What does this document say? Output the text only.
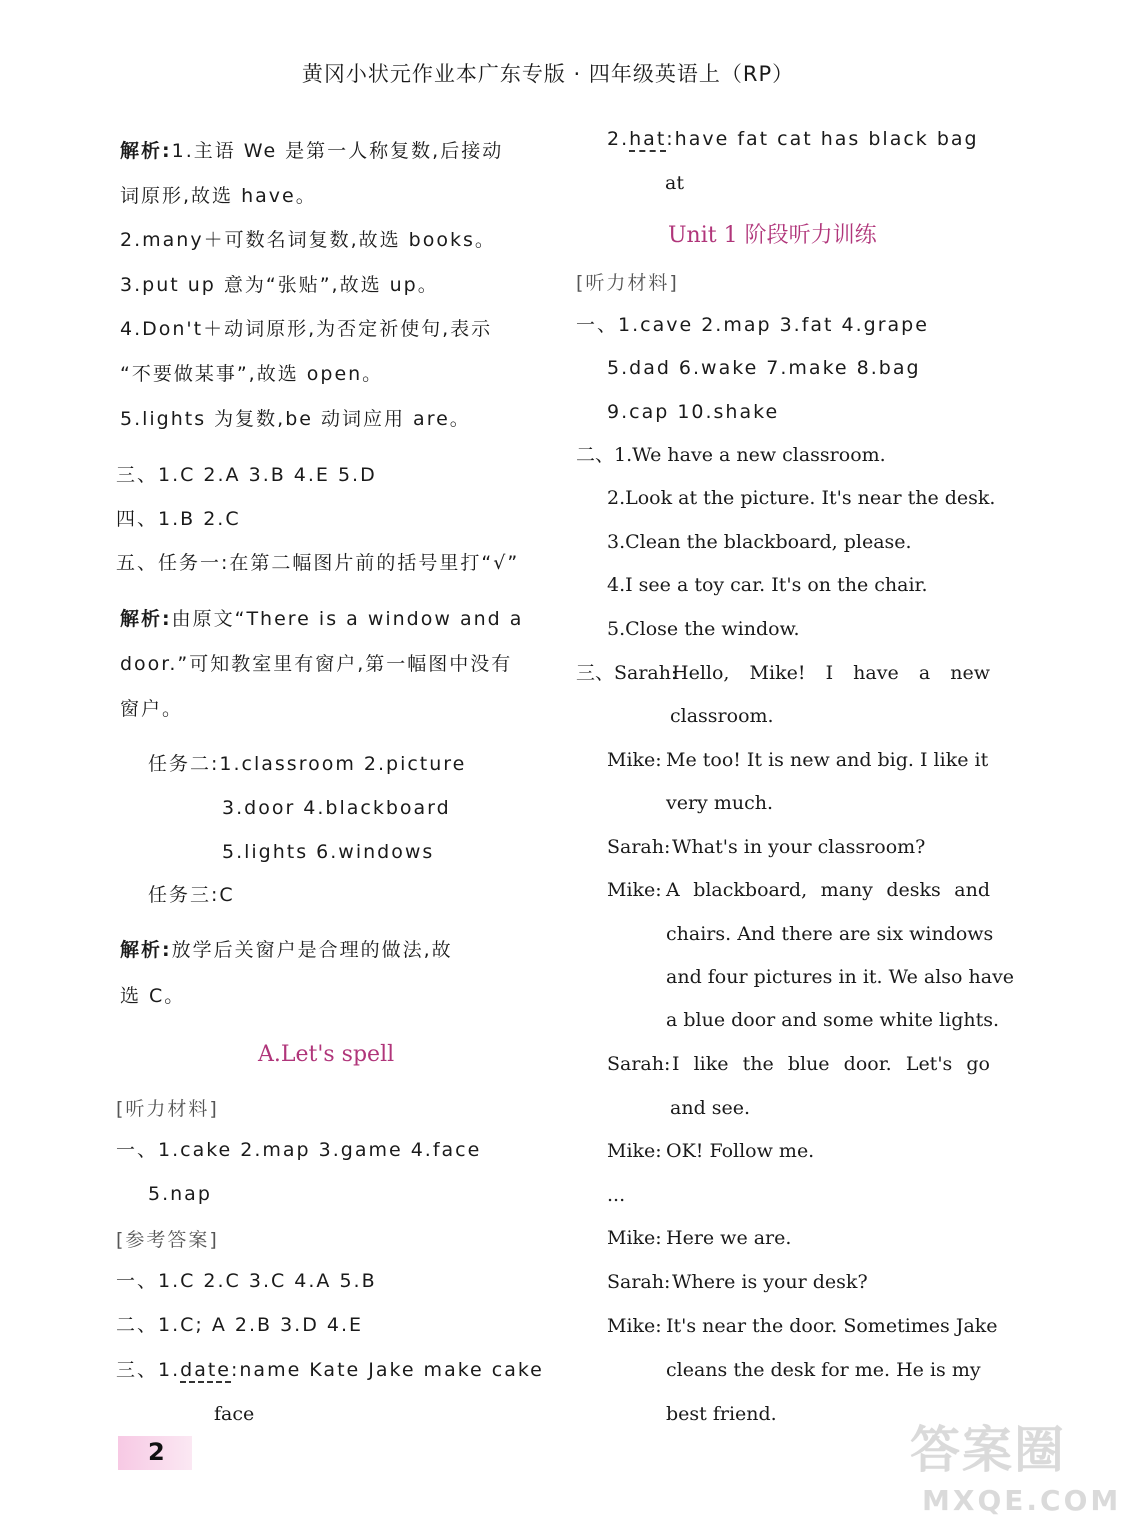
黄冈小状元作业本广东专版 · 四年级英语上（RP）
解析:1.主语 We 是第一人称复数,后接动
词原形,故选 have。
2.many＋可数名词复数,故选 books。
3.put up 意为“张贴”,故选 up。
4.Don't＋动词原形,为否定祈使句,表示
“不要做某事”,故选 open。
5.lights 为复数,be 动词应用 are。
三、1.C 2.A 3.B 4.E 5.D
四、1.B 2.C
五、任务一:在第二幅图片前的括号里打“√”
解析:由原文“There is a window and a
door.”可知教室里有窗户,第一幅图中没有
窗户。
任务二:1.classroom 2.picture
3.door 4.blackboard
5.lights 6.windows
任务三:C
解析:放学后关窗户是合理的做法,故
选 C。
A.Let's spell
[听力材料]
一、1.cake 2.map 3.game 4.face
5.nap
[参考答案]
一、1.C 2.C 3.C 4.A 5.B
二、1.C; A 2.B 3.D 4.E
三、1.date:name Kate Jake make cake
face
2.hat:have fat cat has black bag
at
Unit 1 阶段听力训练
[听力材料]
一、1.cave 2.map 3.fat 4.grape
5.dad 6.wake 7.make 8.bag
9.cap 10.shake
二、1.We have a new classroom.
2.Look at the picture. It's near the desk.
3.Clean the blackboard, please.
4.I see a toy car. It's on the chair.
5.Close the window.
三、Sarah:
Hello, Mike! I have a new
classroom.
Mike: Me too! It is new and big. I like it
very much.
Sarah: What's in your classroom?
Mike: A blackboard, many desks and
chairs. And there are six windows
and four pictures in it. We also have
a blue door and some white lights.
Sarah: I like the blue door. Let's go
and see.
Mike: OK! Follow me.
...
Mike: Here we are.
Sarah: Where is your desk?
Mike: It's near the door. Sometimes Jake
cleans the desk for me. He is my
best friend.
2	答案圈
MXQE.COM
